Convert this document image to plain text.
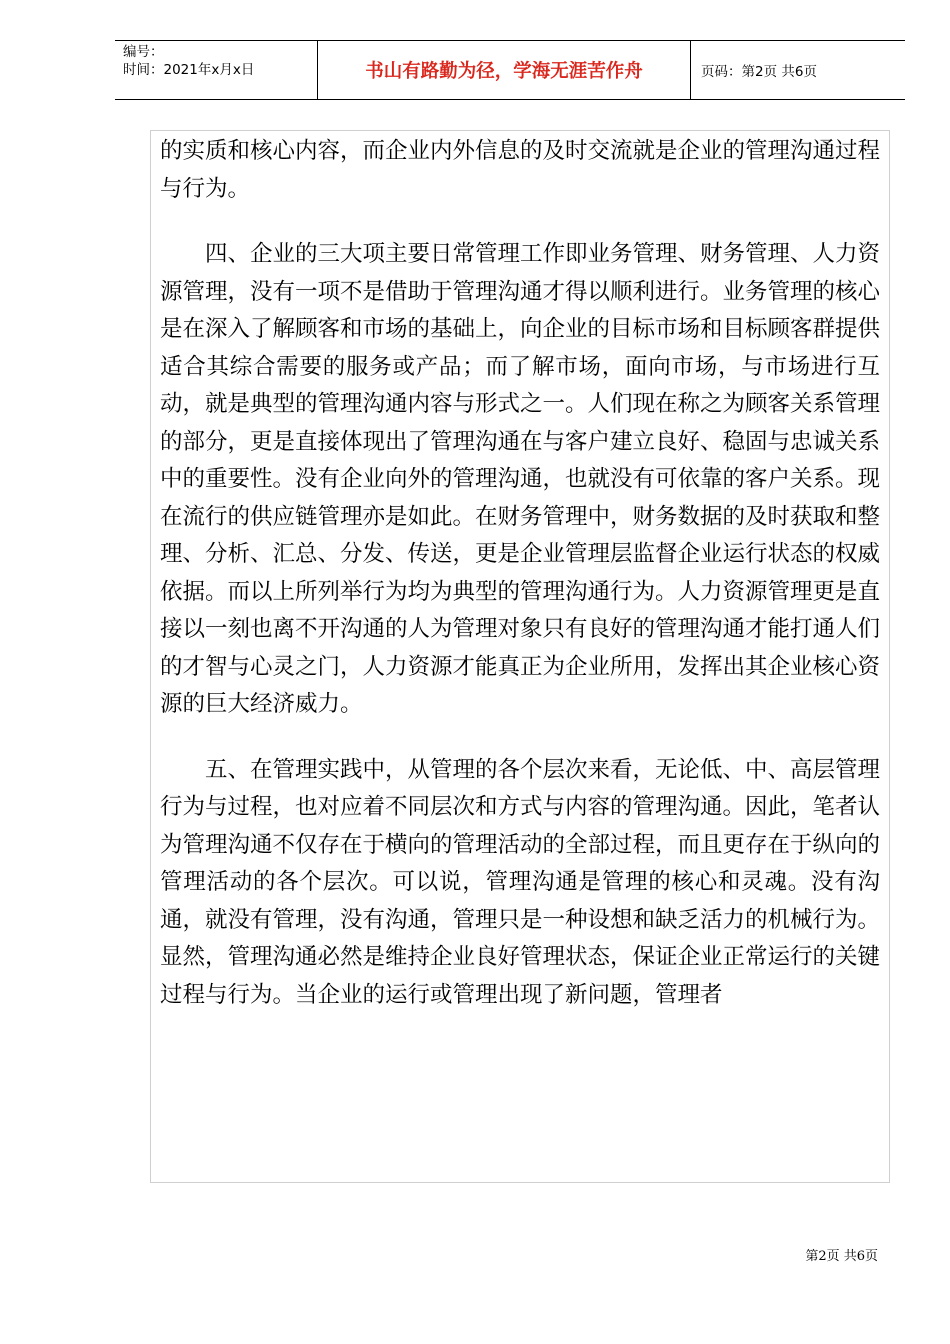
编号：
时间：2021年x月x日	书山有路勤为径，学海无涯苦作舟	页码：第2页 共6页

的实质和核心内容，而企业内外信息的及时交流就是企业的管理沟通过程与行为。

四、企业的三大项主要日常管理工作即业务管理、财务管理、人力资源管理，没有一项不是借助于管理沟通才得以顺利进行。业务管理的核心是在深入了解顾客和市场的基础上，向企业的目标市场和目标顾客群提供适合其综合需要的服务或产品；而了解市场，面向市场，与市场进行互动，就是典型的管理沟通内容与形式之一。人们现在称之为顾客关系管理的部分，更是直接体现出了管理沟通在与客户建立良好、稳固与忠诚关系中的重要性。没有企业向外的管理沟通，也就没有可依靠的客户关系。现在流行的供应链管理亦是如此。在财务管理中，财务数据的及时获取和整理、分析、汇总、分发、传送，更是企业管理层监督企业运行状态的权威依据。而以上所列举行为均为典型的管理沟通行为。人力资源管理更是直接以一刻也离不开沟通的人为管理对象只有良好的管理沟通才能打通人们的才智与心灵之门，人力资源才能真正为企业所用，发挥出其企业核心资源的巨大经济威力。

五、在管理实践中，从管理的各个层次来看，无论低、中、高层管理行为与过程，也对应着不同层次和方式与内容的管理沟通。因此，笔者认为管理沟通不仅存在于横向的管理活动的全部过程，而且更存在于纵向的管理活动的各个层次。可以说，管理沟通是管理的核心和灵魂。没有沟通，就没有管理，没有沟通，管理只是一种设想和缺乏活力的机械行为。显然，管理沟通必然是维持企业良好管理状态，保证企业正常运行的关键过程与行为。当企业的运行或管理出现了新问题，管理者

第2页 共6页
